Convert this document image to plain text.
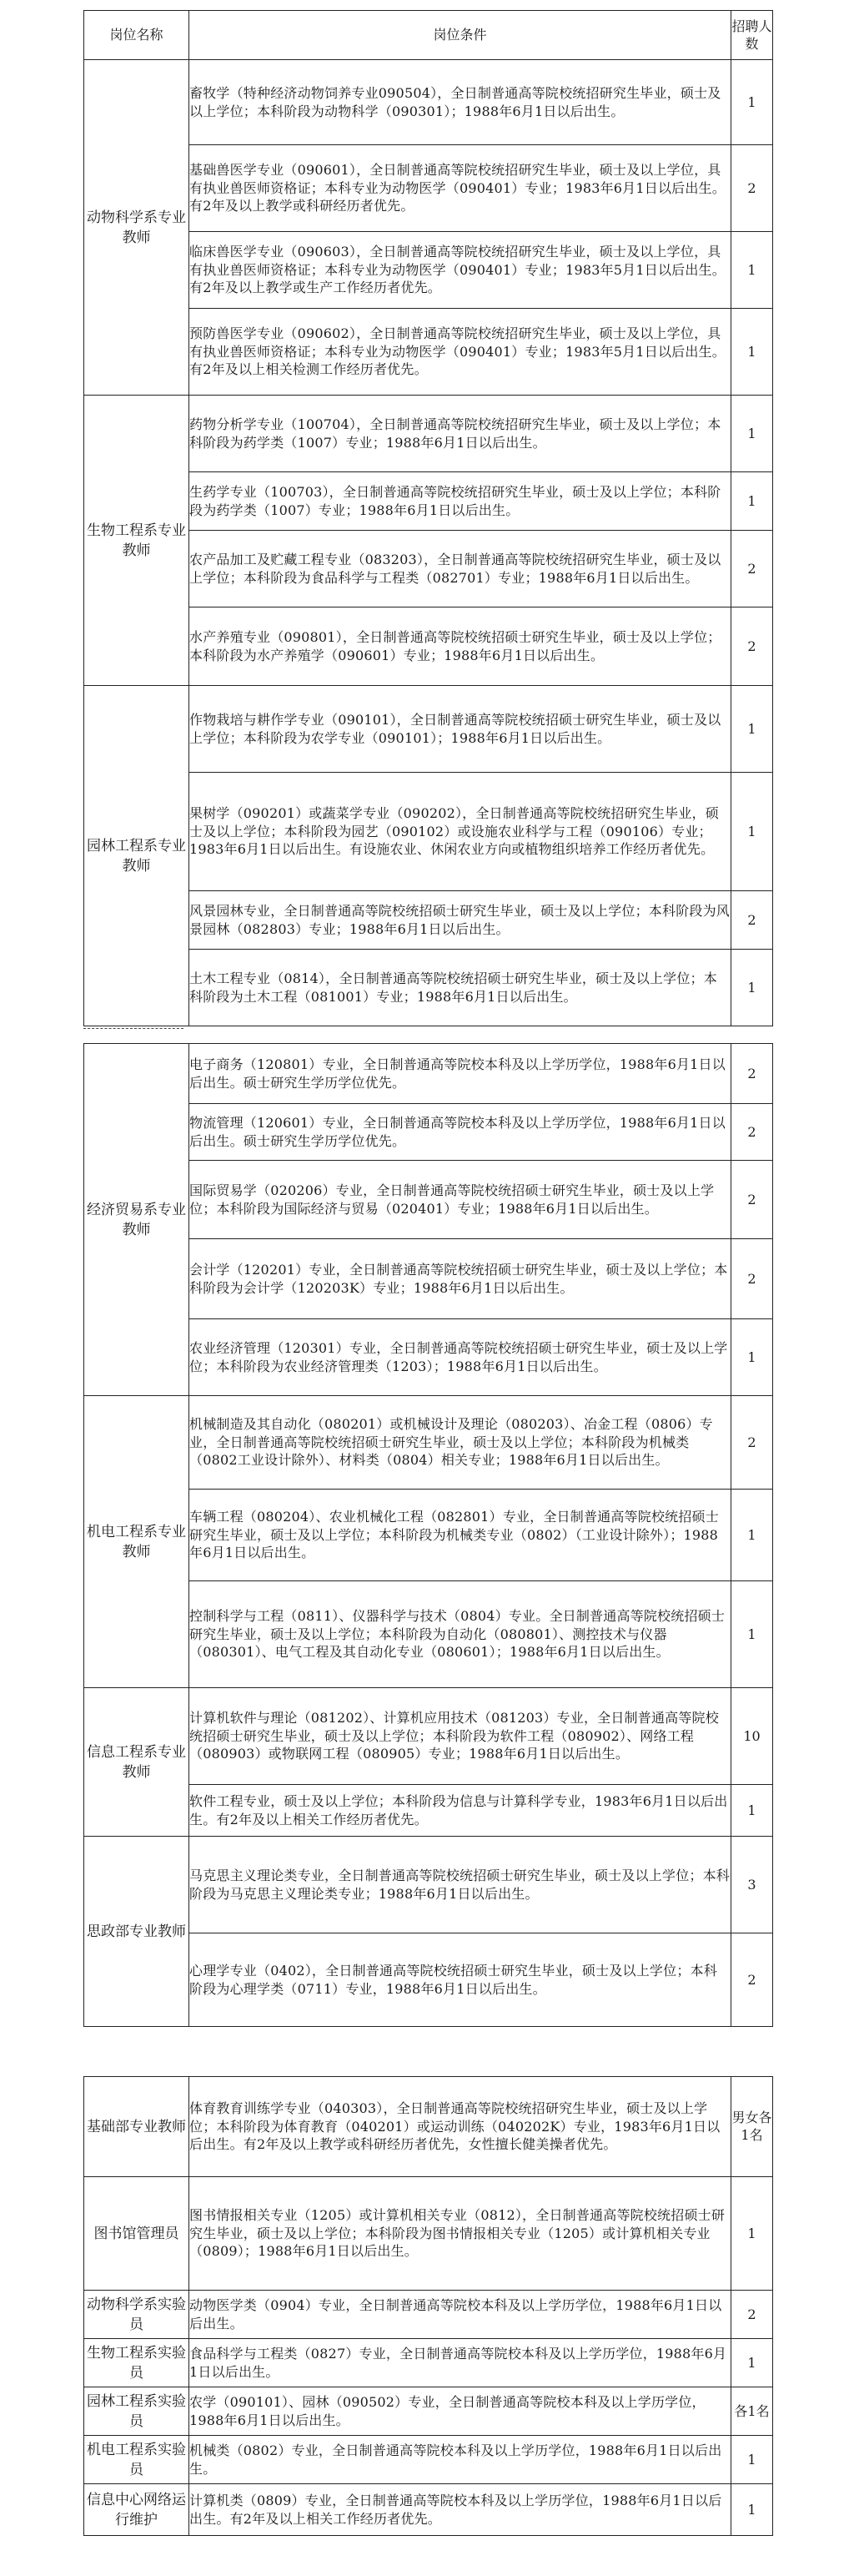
岗位名称	岗位条件	招聘人数
动物科学系专业教师	畜牧学（特种经济动物饲养专业090504），全日制普通高等院校统招研究生毕业，硕士及以上学位；本科阶段为动物科学（090301）；1988年6月1日以后出生。	1
	基础兽医学专业（090601），全日制普通高等院校统招研究生毕业，硕士及以上学位，具有执业兽医师资格证；本科专业为动物医学（090401）专业；1983年6月1日以后出生。有2年及以上教学或科研经历者优先。	2
	临床兽医学专业（090603），全日制普通高等院校统招研究生毕业，硕士及以上学位，具有执业兽医师资格证；本科专业为动物医学（090401）专业；1983年5月1日以后出生。有2年及以上教学或生产工作经历者优先。	1
	预防兽医学专业（090602），全日制普通高等院校统招研究生毕业，硕士及以上学位，具有执业兽医师资格证；本科专业为动物医学（090401）专业；1983年5月1日以后出生。有2年及以上相关检测工作经历者优先。	1
生物工程系专业教师	药物分析学专业（100704），全日制普通高等院校统招研究生毕业，硕士及以上学位；本科阶段为药学类（1007）专业；1988年6月1日以后出生。	1
	生药学专业（100703），全日制普通高等院校统招研究生毕业，硕士及以上学位；本科阶段为药学类（1007）专业；1988年6月1日以后出生。	1
	农产品加工及贮藏工程专业（083203），全日制普通高等院校统招研究生毕业，硕士及以上学位；本科阶段为食品科学与工程类（082701）专业；1988年6月1日以后出生。	2
	水产养殖专业（090801），全日制普通高等院校统招硕士研究生毕业，硕士及以上学位；本科阶段为水产养殖学（090601）专业；1988年6月1日以后出生。	2
园林工程系专业教师	作物栽培与耕作学专业（090101），全日制普通高等院校统招硕士研究生毕业，硕士及以上学位；本科阶段为农学专业（090101）；1988年6月1日以后出生。	1
	果树学（090201）或蔬菜学专业（090202），全日制普通高等院校统招研究生毕业，硕士及以上学位；本科阶段为园艺（090102）或设施农业科学与工程（090106）专业；1983年6月1日以后出生。有设施农业、休闲农业方向或植物组织培养工作经历者优先。	1
	风景园林专业，全日制普通高等院校统招硕士研究生毕业，硕士及以上学位；本科阶段为风景园林（082803）专业；1988年6月1日以后出生。	2
	土木工程专业（0814），全日制普通高等院校统招硕士研究生毕业，硕士及以上学位；本科阶段为土木工程（081001）专业；1988年6月1日以后出生。	1
经济贸易系专业教师	电子商务（120801）专业，全日制普通高等院校本科及以上学历学位，1988年6月1日以后出生。硕士研究生学历学位优先。	2
	物流管理（120601）专业，全日制普通高等院校本科及以上学历学位，1988年6月1日以后出生。硕士研究生学历学位优先。	2
	国际贸易学（020206）专业，全日制普通高等院校统招硕士研究生毕业，硕士及以上学位；本科阶段为国际经济与贸易（020401）专业；1988年6月1日以后出生。	2
	会计学（120201）专业，全日制普通高等院校统招硕士研究生毕业，硕士及以上学位；本科阶段为会计学（120203K）专业；1988年6月1日以后出生。	2
	农业经济管理（120301）专业，全日制普通高等院校统招硕士研究生毕业，硕士及以上学位；本科阶段为农业经济管理类（1203）；1988年6月1日以后出生。	1
机电工程系专业教师	机械制造及其自动化（080201）或机械设计及理论（080203）、冶金工程（0806）专业，全日制普通高等院校统招硕士研究生毕业，硕士及以上学位；本科阶段为机械类（0802工业设计除外）、材料类（0804）相关专业；1988年6月1日以后出生。	2
	车辆工程（080204）、农业机械化工程（082801）专业，全日制普通高等院校统招硕士研究生毕业，硕士及以上学位；本科阶段为机械类专业（0802）（工业设计除外）；1988年6月1日以后出生。	1
	控制科学与工程（0811）、仪器科学与技术（0804）专业。全日制普通高等院校统招硕士研究生毕业，硕士及以上学位；本科阶段为自动化（080801）、测控技术与仪器（080301）、电气工程及其自动化专业（080601）；1988年6月1日以后出生。	1
信息工程系专业教师	计算机软件与理论（081202）、计算机应用技术（081203）专业，全日制普通高等院校统招硕士研究生毕业，硕士及以上学位；本科阶段为软件工程（080902）、网络工程（080903）或物联网工程（080905）专业；1988年6月1日以后出生。	10
	软件工程专业，硕士及以上学位；本科阶段为信息与计算科学专业，1983年6月1日以后出生。有2年及以上相关工作经历者优先。	1
思政部专业教师	马克思主义理论类专业，全日制普通高等院校统招硕士研究生毕业，硕士及以上学位；本科阶段为马克思主义理论类专业；1988年6月1日以后出生。	3
	心理学专业（0402），全日制普通高等院校统招硕士研究生毕业，硕士及以上学位；本科阶段为心理学类（0711）专业，1988年6月1日以后出生。	2
基础部专业教师	体育教育训练学专业（040303），全日制普通高等院校统招研究生毕业，硕士及以上学位；本科阶段为体育教育（040201）或运动训练（040202K）专业，1983年6月1日以后出生。有2年及以上教学或科研经历者优先，女性擅长健美操者优先。	男女各1名
图书馆管理员	图书情报相关专业（1205）或计算机相关专业（0812），全日制普通高等院校统招硕士研究生毕业，硕士及以上学位；本科阶段为图书情报相关专业（1205）或计算机相关专业（0809）；1988年6月1日以后出生。	1
动物科学系实验员	动物医学类（0904）专业，全日制普通高等院校本科及以上学历学位，1988年6月1日以后出生。	2
生物工程系实验员	食品科学与工程类（0827）专业，全日制普通高等院校本科及以上学历学位，1988年6月1日以后出生。	1
园林工程系实验员	农学（090101）、园林（090502）专业，全日制普通高等院校本科及以上学历学位，1988年6月1日以后出生。	各1名
机电工程系实验员	机械类（0802）专业，全日制普通高等院校本科及以上学历学位，1988年6月1日以后出生。	1
信息中心网络运行维护	计算机类（0809）专业，全日制普通高等院校本科及以上学历学位，1988年6月1日以后出生。有2年及以上相关工作经历者优先。	1
